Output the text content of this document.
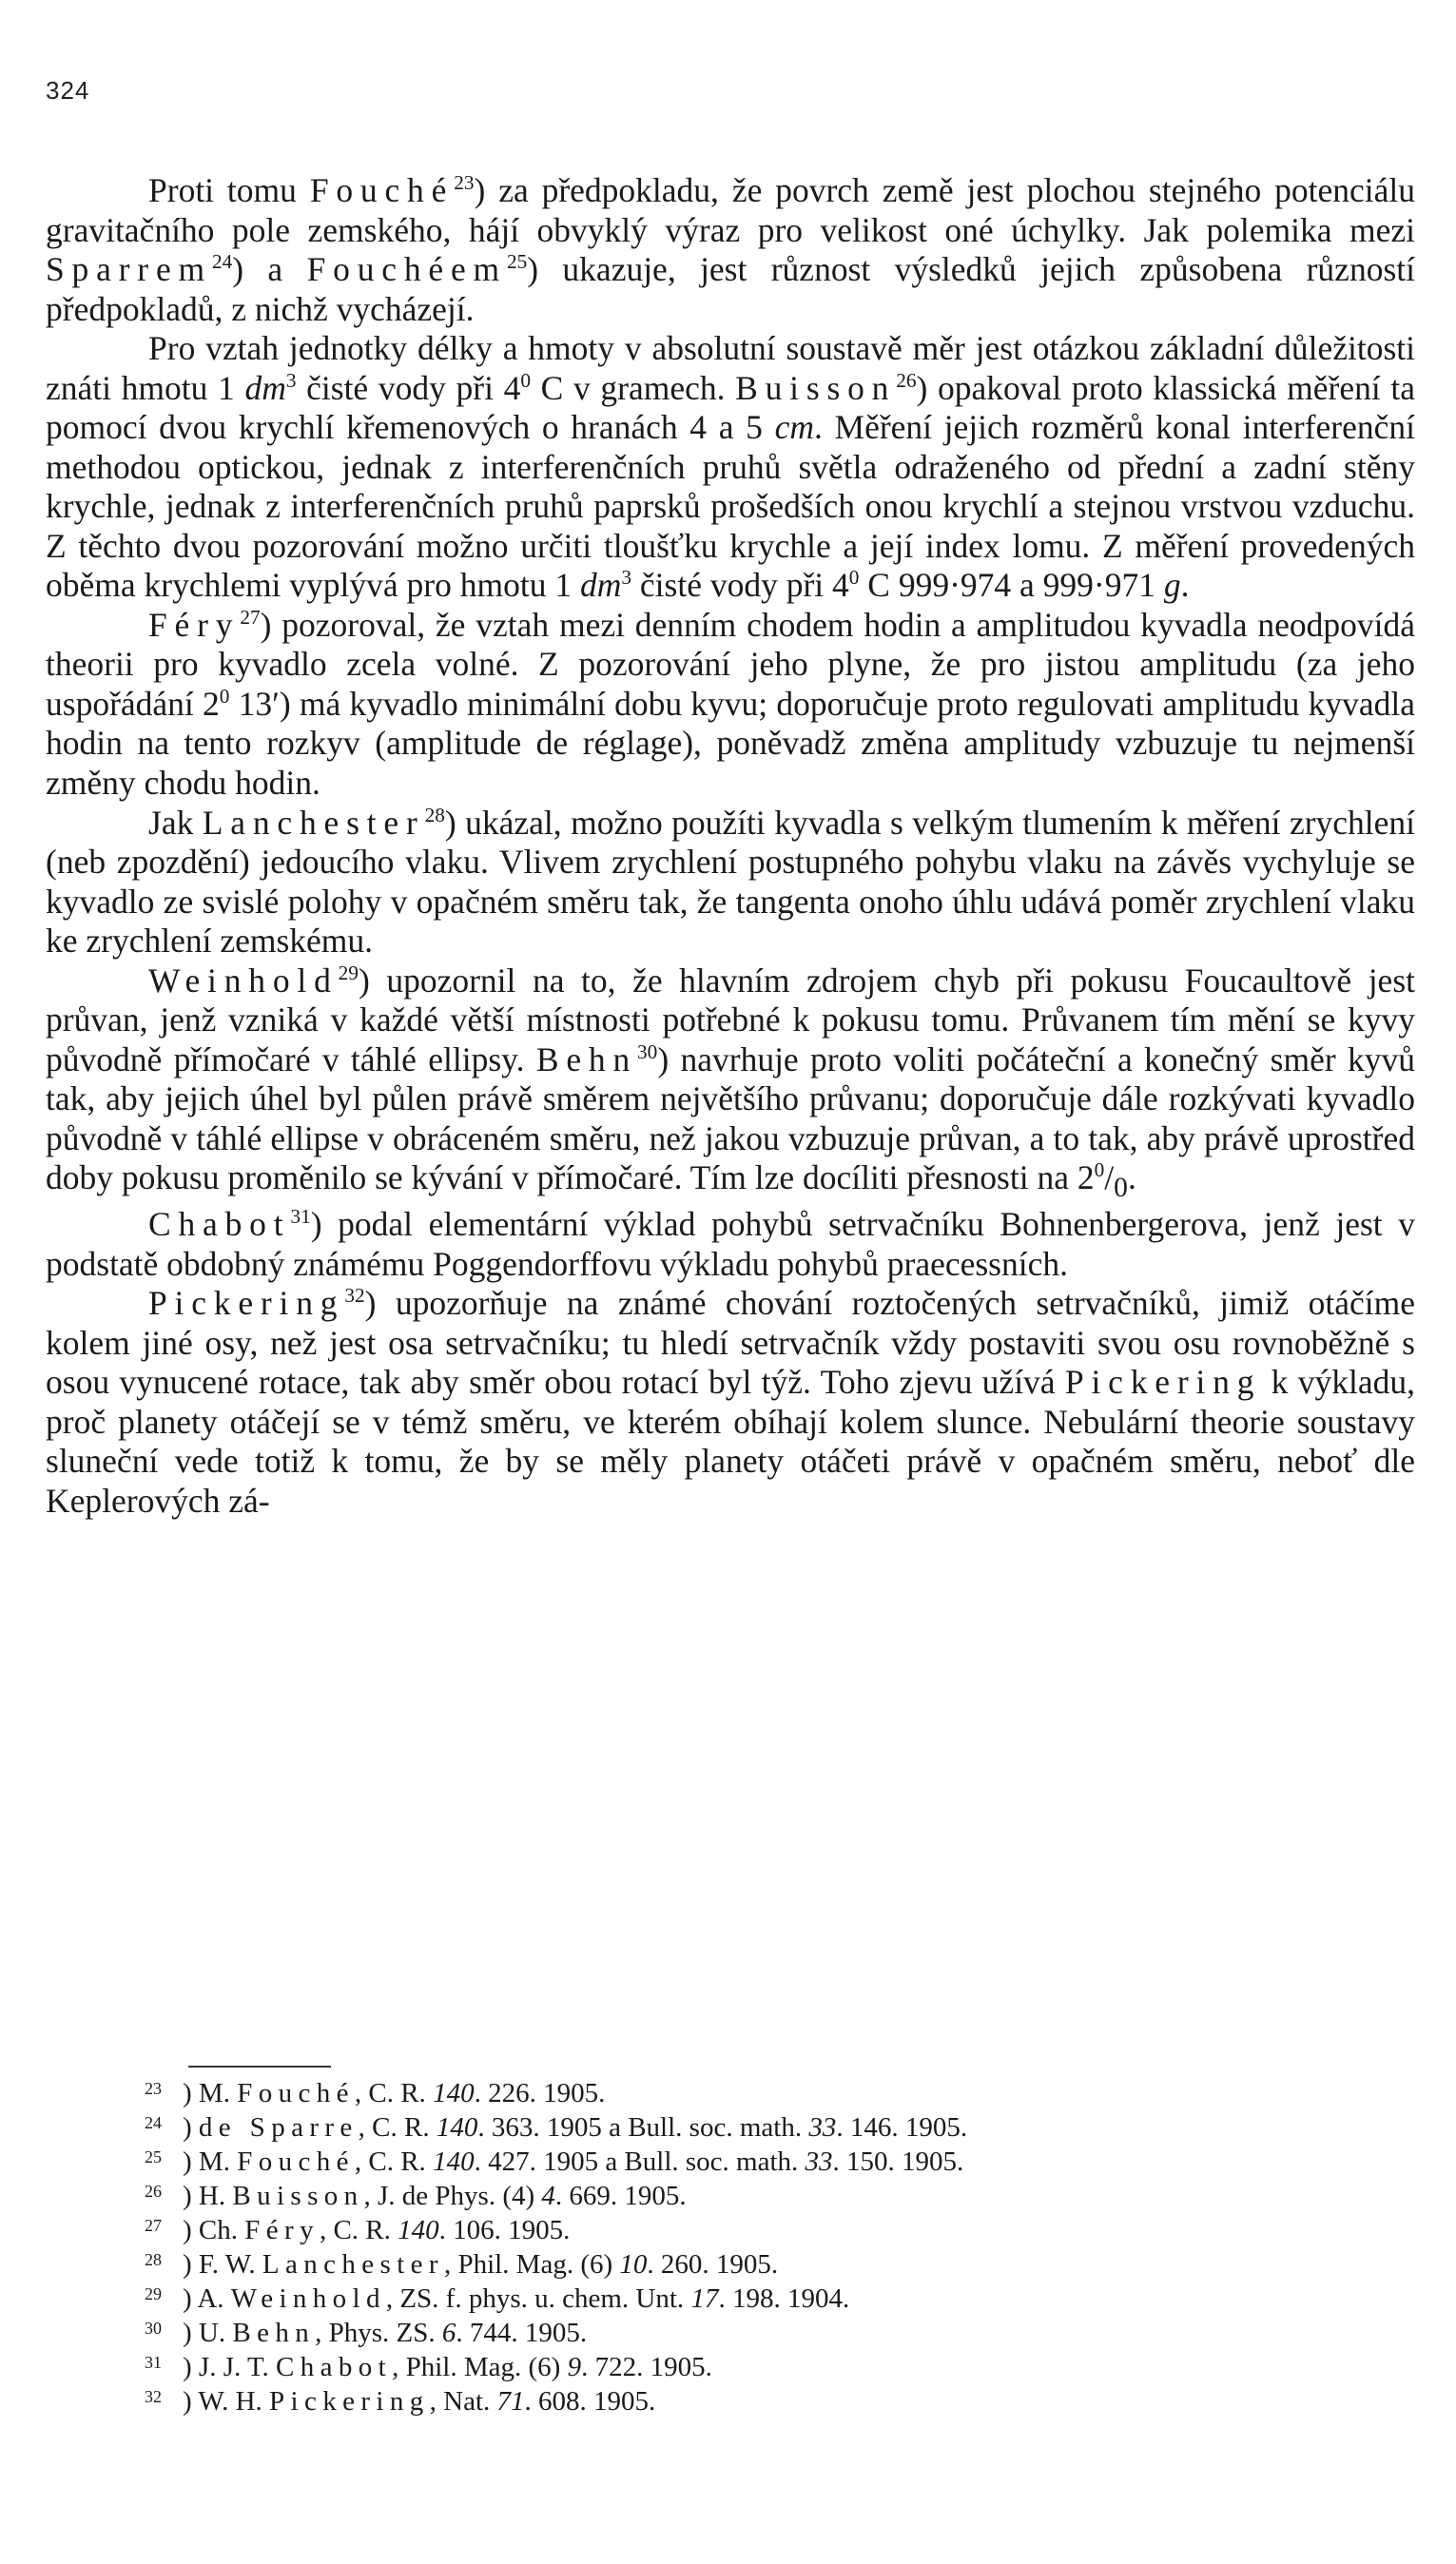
324

Proti tomu Fouché$^{23}$) za předpokladu, že povrch země jest plochou stejného potenciálu gravitačního pole zemského, hájí obvyklý výraz pro velikost oné úchylky. Jak polemika mezi Sparrem$^{24}$) a Fouchéem$^{25}$) ukazuje, jest různost výsledků jejich způsobena růzností předpokladů, z nichž vycházejí.

Pro vztah jednotky délky a hmoty v absolutní soustavě měr jest otázkou základní důležitosti znáti hmotu 1 $dm^3$ čisté vody při $4^0$ C v gramech. Buisson$^{26}$) opakoval proto klassická měření ta pomocí dvou krychlí křemenových o hranách 4 a 5 cm. Měření jejich rozměrů konal interferenční methodou optickou, jednak z interferenčních pruhů světla odraženého od přední a zadní stěny krychle, jednak z interferenčních pruhů paprsků prošedších onou krychlí a stejnou vrstvou vzduchu. Z těchto dvou pozorování možno určiti tloušťku krychle a její index lomu. Z měření provedených oběma krychlemi vyplývá pro hmotu 1 $dm^3$ čisté vody při $4^0$ C 999·974 a 999·971 g.

Féry$^{27}$) pozoroval, že vztah mezi denním chodem hodin a amplitudou kyvadla neodpovídá theorii pro kyvadlo zcela volné. Z pozorování jeho plyne, že pro jistou amplitudu (za jeho uspořádání $2^0$ 13′) má kyvadlo minimální dobu kyvu; doporučuje proto regulovati amplitudu kyvadla hodin na tento rozkyv (amplitude de réglage), poněvadž změna amplitudy vzbuzuje tu nejmenší změny chodu hodin.

Jak Lanchester$^{28}$) ukázal, možno použíti kyvadla s velkým tlumením k měření zrychlení (neb zpozdění) jedoucího vlaku. Vlivem zrychlení postupného pohybu vlaku na závěs vychyluje se kyvadlo ze svislé polohy v opačném směru tak, že tangenta onoho úhlu udává poměr zrychlení vlaku ke zrychlení zemskému.

Weinhold$^{29}$) upozornil na to, že hlavním zdrojem chyb při pokusu Foucaultově jest průvan, jenž vzniká v každé větší místnosti potřebné k pokusu tomu. Průvanem tím mění se kyvy původně přímočaré v táhlé ellipsy. Behn$^{30}$) navrhuje proto voliti počáteční a konečný směr kyvů tak, aby jejich úhel byl půlen právě směrem největšího průvanu; doporučuje dále rozkývati kyvadlo původně v táhlé ellipse v obráceném směru, než jakou vzbuzuje průvan, a to tak, aby právě uprostřed doby pokusu proměnilo se kývání v přímočaré. Tím lze docíliti přesnosti na $2^0/_0$.

Chabot$^{31}$) podal elementární výklad pohybů setrvačníku Bohnenbergerova, jenž jest v podstatě obdobný známému Poggendorffovu výkladu pohybů praecessních.

Pickering$^{32}$) upozorňuje na známé chování roztočených setrvačníků, jimiž otáčíme kolem jiné osy, než jest osa setrvačníku; tu hledí setrvačník vždy postaviti svou osu rovnoběžně s osou vynucené rotace, tak aby směr obou rotací byl týž. Toho zjevu užívá Pickering k výkladu, proč planety otáčejí se v témž směru, ve kterém obíhají kolem slunce. Nebulární theorie soustavy sluneční vede totiž k tomu, že by se měly planety otáčeti právě v opačném směru, neboť dle Keplerových zá-

23 ) M. Fouché, C. R. 140. 226. 1905.

24 ) de Sparre, C. R. 140. 363. 1905 a Bull. soc. math. 33. 146. 1905.

25 ) M. Fouché, C. R. 140. 427. 1905 a Bull. soc. math. 33. 150. 1905.

26 ) H. Buisson, J. de Phys. (4) 4. 669. 1905.

27 ) Ch. Féry, C. R. 140. 106. 1905.

28 ) F. W. Lanchester, Phil. Mag. (6) 10. 260. 1905.

29 ) A. Weinhold, ZS. f. phys. u. chem. Unt. 17. 198. 1904.

30 ) U. Behn, Phys. ZS. 6. 744. 1905.

31 ) J. J. T. Chabot, Phil. Mag. (6) 9. 722. 1905.

32 ) W. H. Pickering, Nat. 71. 608. 1905.
